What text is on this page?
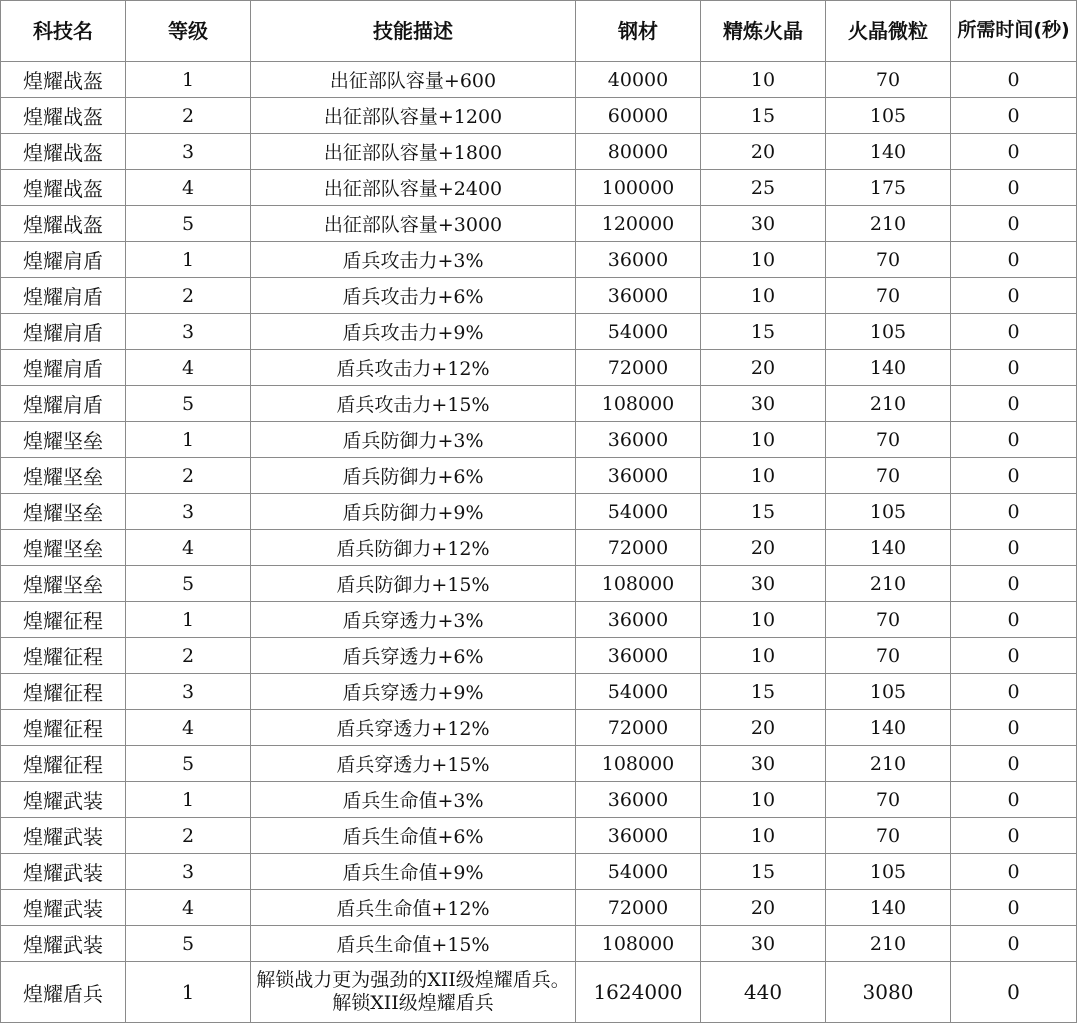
科技名	等级	技能描述	钢材	精炼火晶	火晶微粒	所需时间(秒)
煌耀战盔	1	出征部队容量+600	40000	10	70	0
煌耀战盔	2	出征部队容量+1200	60000	15	105	0
煌耀战盔	3	出征部队容量+1800	80000	20	140	0
煌耀战盔	4	出征部队容量+2400	100000	25	175	0
煌耀战盔	5	出征部队容量+3000	120000	30	210	0
煌耀肩盾	1	盾兵攻击力+3%	36000	10	70	0
煌耀肩盾	2	盾兵攻击力+6%	36000	10	70	0
煌耀肩盾	3	盾兵攻击力+9%	54000	15	105	0
煌耀肩盾	4	盾兵攻击力+12%	72000	20	140	0
煌耀肩盾	5	盾兵攻击力+15%	108000	30	210	0
煌耀坚垒	1	盾兵防御力+3%	36000	10	70	0
煌耀坚垒	2	盾兵防御力+6%	36000	10	70	0
煌耀坚垒	3	盾兵防御力+9%	54000	15	105	0
煌耀坚垒	4	盾兵防御力+12%	72000	20	140	0
煌耀坚垒	5	盾兵防御力+15%	108000	30	210	0
煌耀征程	1	盾兵穿透力+3%	36000	10	70	0
煌耀征程	2	盾兵穿透力+6%	36000	10	70	0
煌耀征程	3	盾兵穿透力+9%	54000	15	105	0
煌耀征程	4	盾兵穿透力+12%	72000	20	140	0
煌耀征程	5	盾兵穿透力+15%	108000	30	210	0
煌耀武装	1	盾兵生命值+3%	36000	10	70	0
煌耀武装	2	盾兵生命值+6%	36000	10	70	0
煌耀武装	3	盾兵生命值+9%	54000	15	105	0
煌耀武装	4	盾兵生命值+12%	72000	20	140	0
煌耀武装	5	盾兵生命值+15%	108000	30	210	0
煌耀盾兵	1	解锁战力更为强劲的XII级煌耀盾兵。 解锁XII级煌耀盾兵	1624000	440	3080	0
